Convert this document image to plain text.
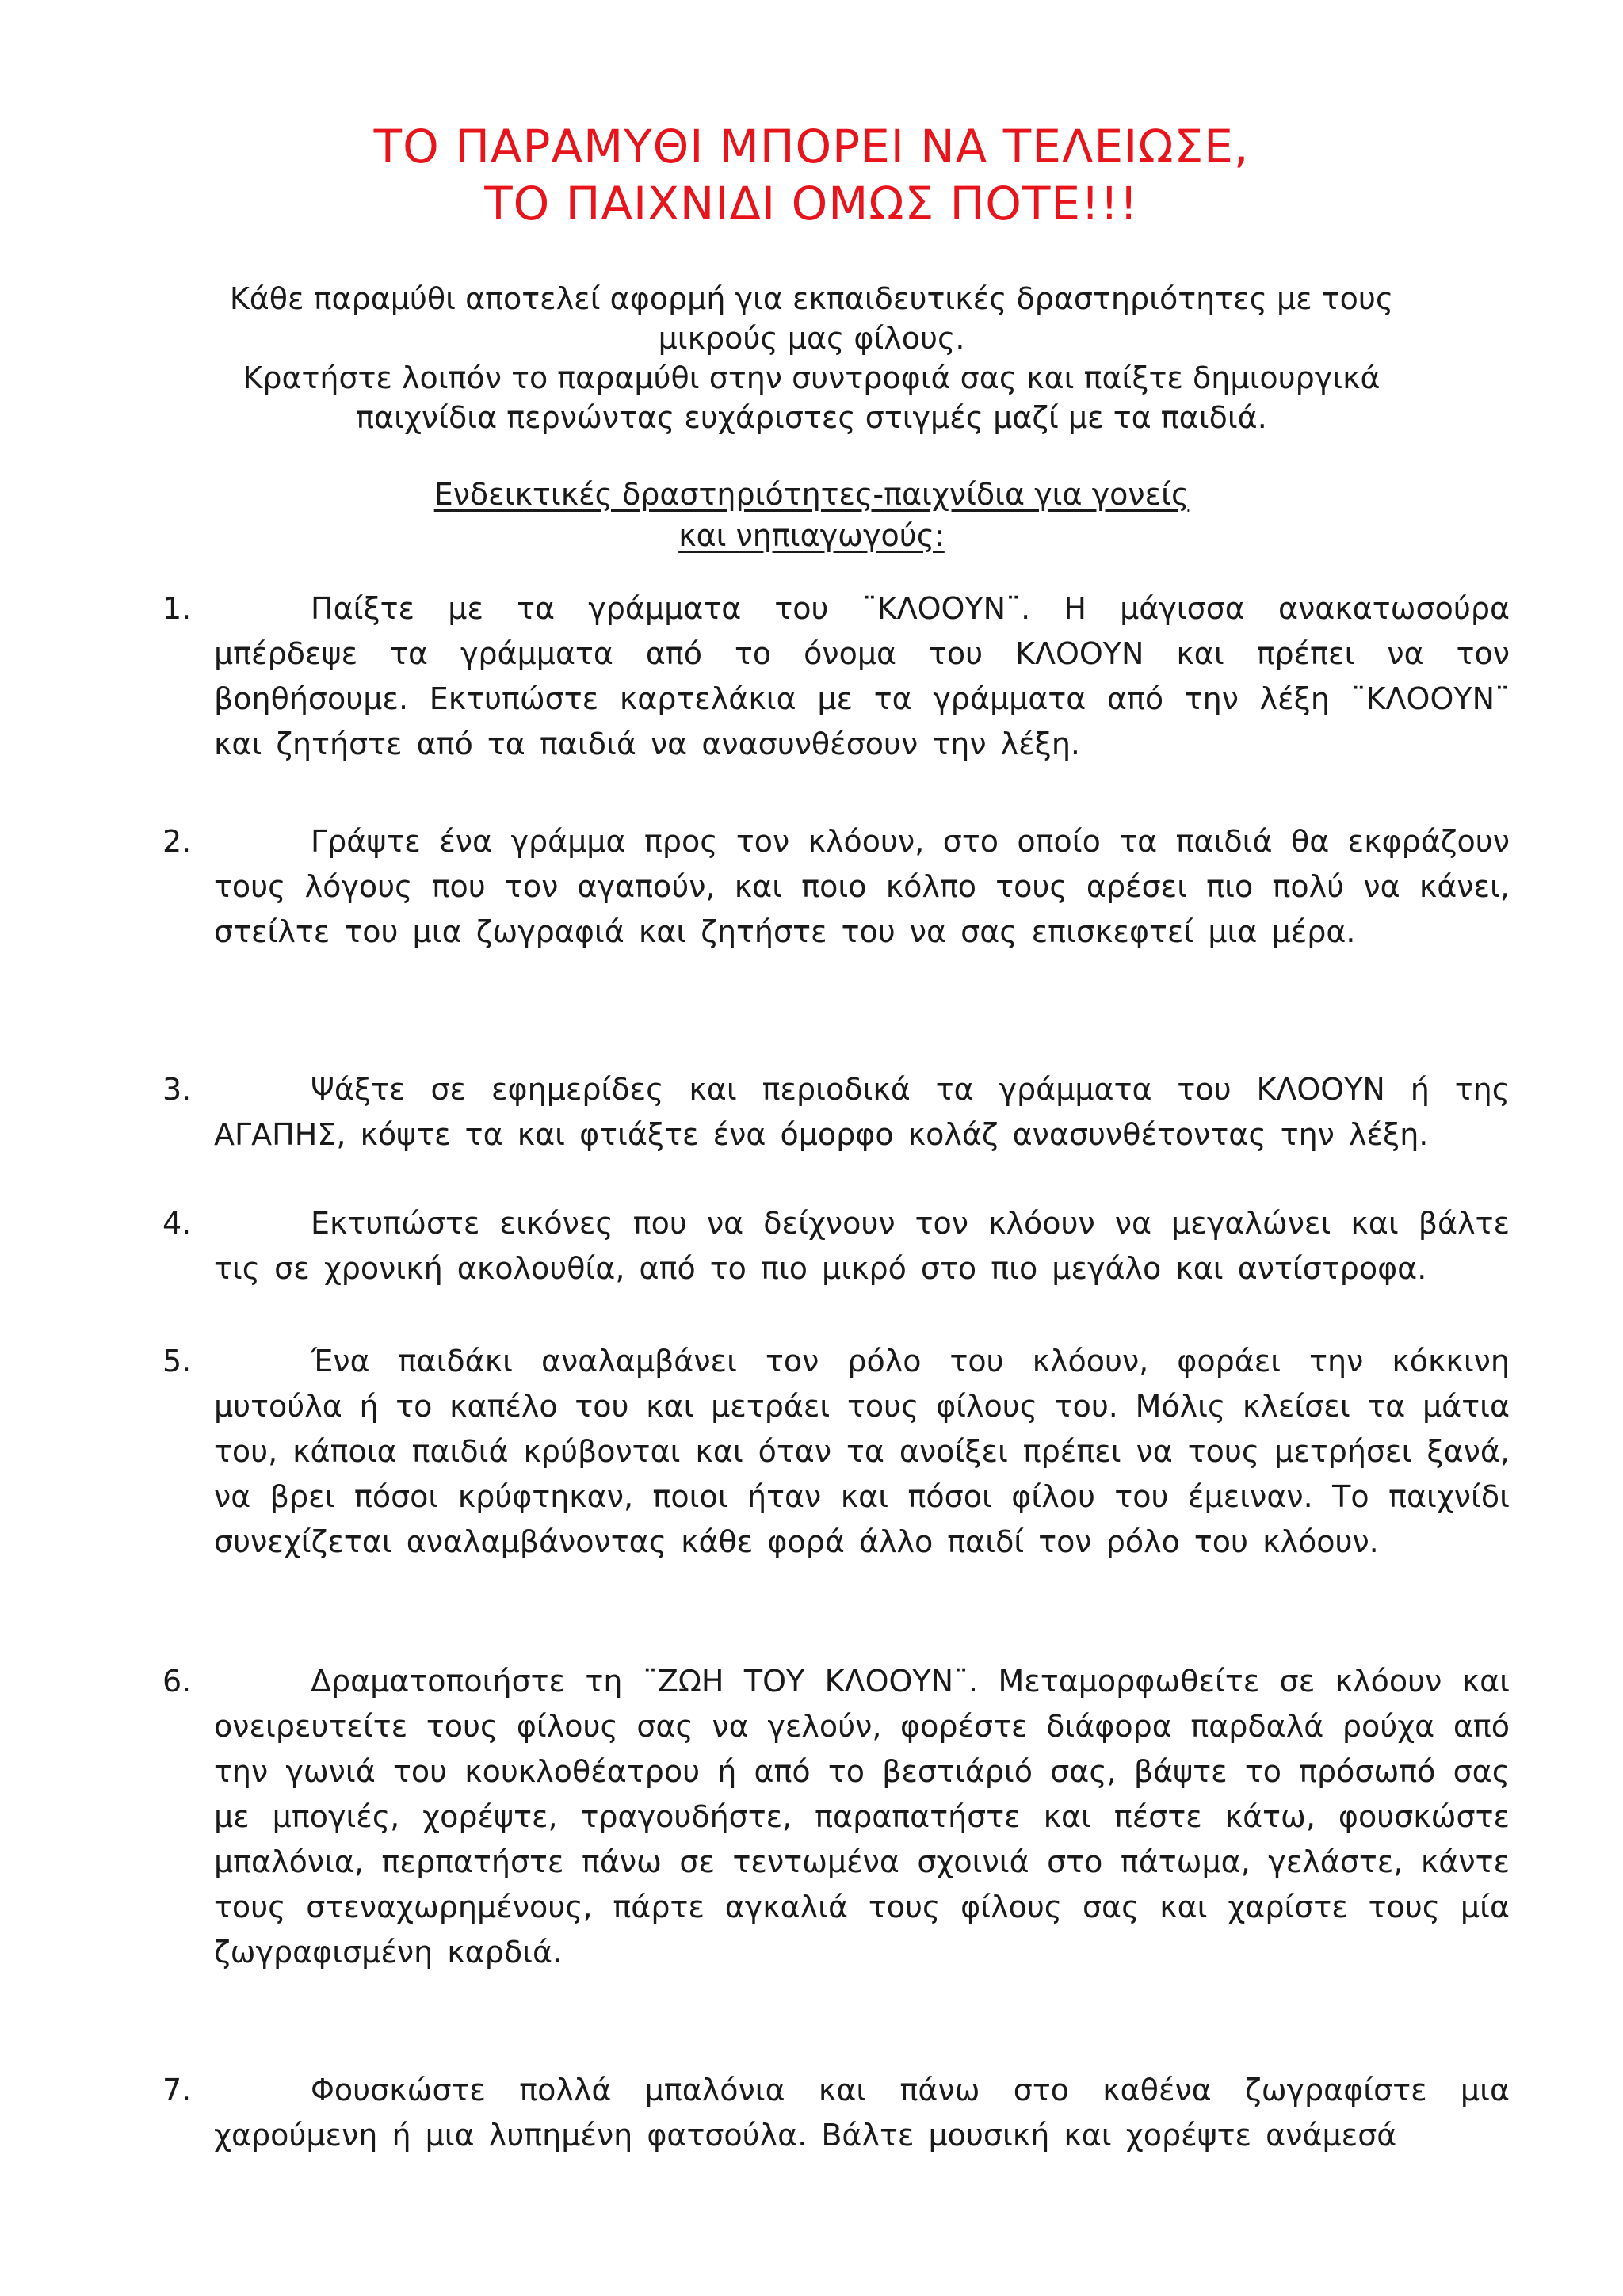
ΤΟ ΠΑΡΑΜΥΘΙ ΜΠΟΡΕΙ ΝΑ ΤΕΛΕΙΩΣΕ,
ΤΟ ΠΑΙΧΝΙΔΙ ΟΜΩΣ ΠΟΤΕ!!!

Κάθε παραμύθι αποτελεί αφορμή για εκπαιδευτικές δραστηριότητες με τους

μικρούς μας φίλους.

Κρατήστε λοιπόν το παραμύθι στην συντροφιά σας και παίξτε δημιουργικά

παιχνίδια περνώντας ευχάριστες στιγμές μαζί με τα παιδιά.

Ενδεικτικές δραστηριότητες-παιχνίδια για γονείς

και νηπιαγωγούς:

1.	Παίξτε με τα γράμματα του ¨ΚΛΟΟΥΝ¨. Η μάγισσα ανακατωσούρα μπέρδεψε τα γράμματα από το όνομα του ΚΛΟΟΥΝ και πρέπει να τον βοηθήσουμε. Εκτυπώστε καρτελάκια με τα γράμματα από την λέξη ¨ΚΛΟΟΥΝ¨ και ζητήστε από τα παιδιά να ανασυνθέσουν την λέξη.

2.	Γράψτε ένα γράμμα προς τον κλόουν, στο οποίο τα παιδιά θα εκφράζουν τους λόγους που τον αγαπούν, και ποιο κόλπο τους αρέσει πιο πολύ να κάνει, στείλτε του μια ζωγραφιά και ζητήστε του να σας επισκεφτεί μια μέρα.

3.	Ψάξτε σε εφημερίδες και περιοδικά τα γράμματα του ΚΛΟΟΥΝ ή της ΑΓΑΠΗΣ, κόψτε τα και φτιάξτε ένα όμορφο κολάζ ανασυνθέτοντας την λέξη.

4.	Εκτυπώστε εικόνες που να δείχνουν τον κλόουν να μεγαλώνει και βάλτε τις σε χρονική ακολουθία, από το πιο μικρό στο πιο μεγάλο και αντίστροφα.

5.	Ένα παιδάκι αναλαμβάνει τον ρόλο του κλόουν, φοράει την κόκκινη μυτούλα ή το καπέλο του και μετράει τους φίλους του. Μόλις κλείσει τα μάτια του, κάποια παιδιά κρύβονται και όταν τα ανοίξει πρέπει να τους μετρήσει ξανά, να βρει πόσοι κρύφτηκαν, ποιοι ήταν και πόσοι φίλου του έμειναν. Το παιχνίδι συνεχίζεται αναλαμβάνοντας κάθε φορά άλλο παιδί τον ρόλο του κλόουν.

6.	Δραματοποιήστε τη ¨ΖΩΗ ΤΟΥ ΚΛΟΟΥΝ¨. Μεταμορφωθείτε σε κλόουν και ονειρευτείτε τους φίλους σας να γελούν, φορέστε διάφορα παρδαλά ρούχα από την γωνιά του κουκλοθέατρου ή από το βεστιάριό σας, βάψτε το πρόσωπό σας με μπογιές, χορέψτε, τραγουδήστε, παραπατήστε και πέστε κάτω, φουσκώστε μπαλόνια, περπατήστε πάνω σε τεντωμένα σχοινιά στο πάτωμα, γελάστε, κάντε τους στεναχωρημένους, πάρτε αγκαλιά τους φίλους σας και χαρίστε τους μία ζωγραφισμένη καρδιά.

7.	Φουσκώστε πολλά μπαλόνια και πάνω στο καθένα ζωγραφίστε μια χαρούμενη ή μια λυπημένη φατσούλα. Βάλτε μουσική και χορέψτε ανάμεσά
